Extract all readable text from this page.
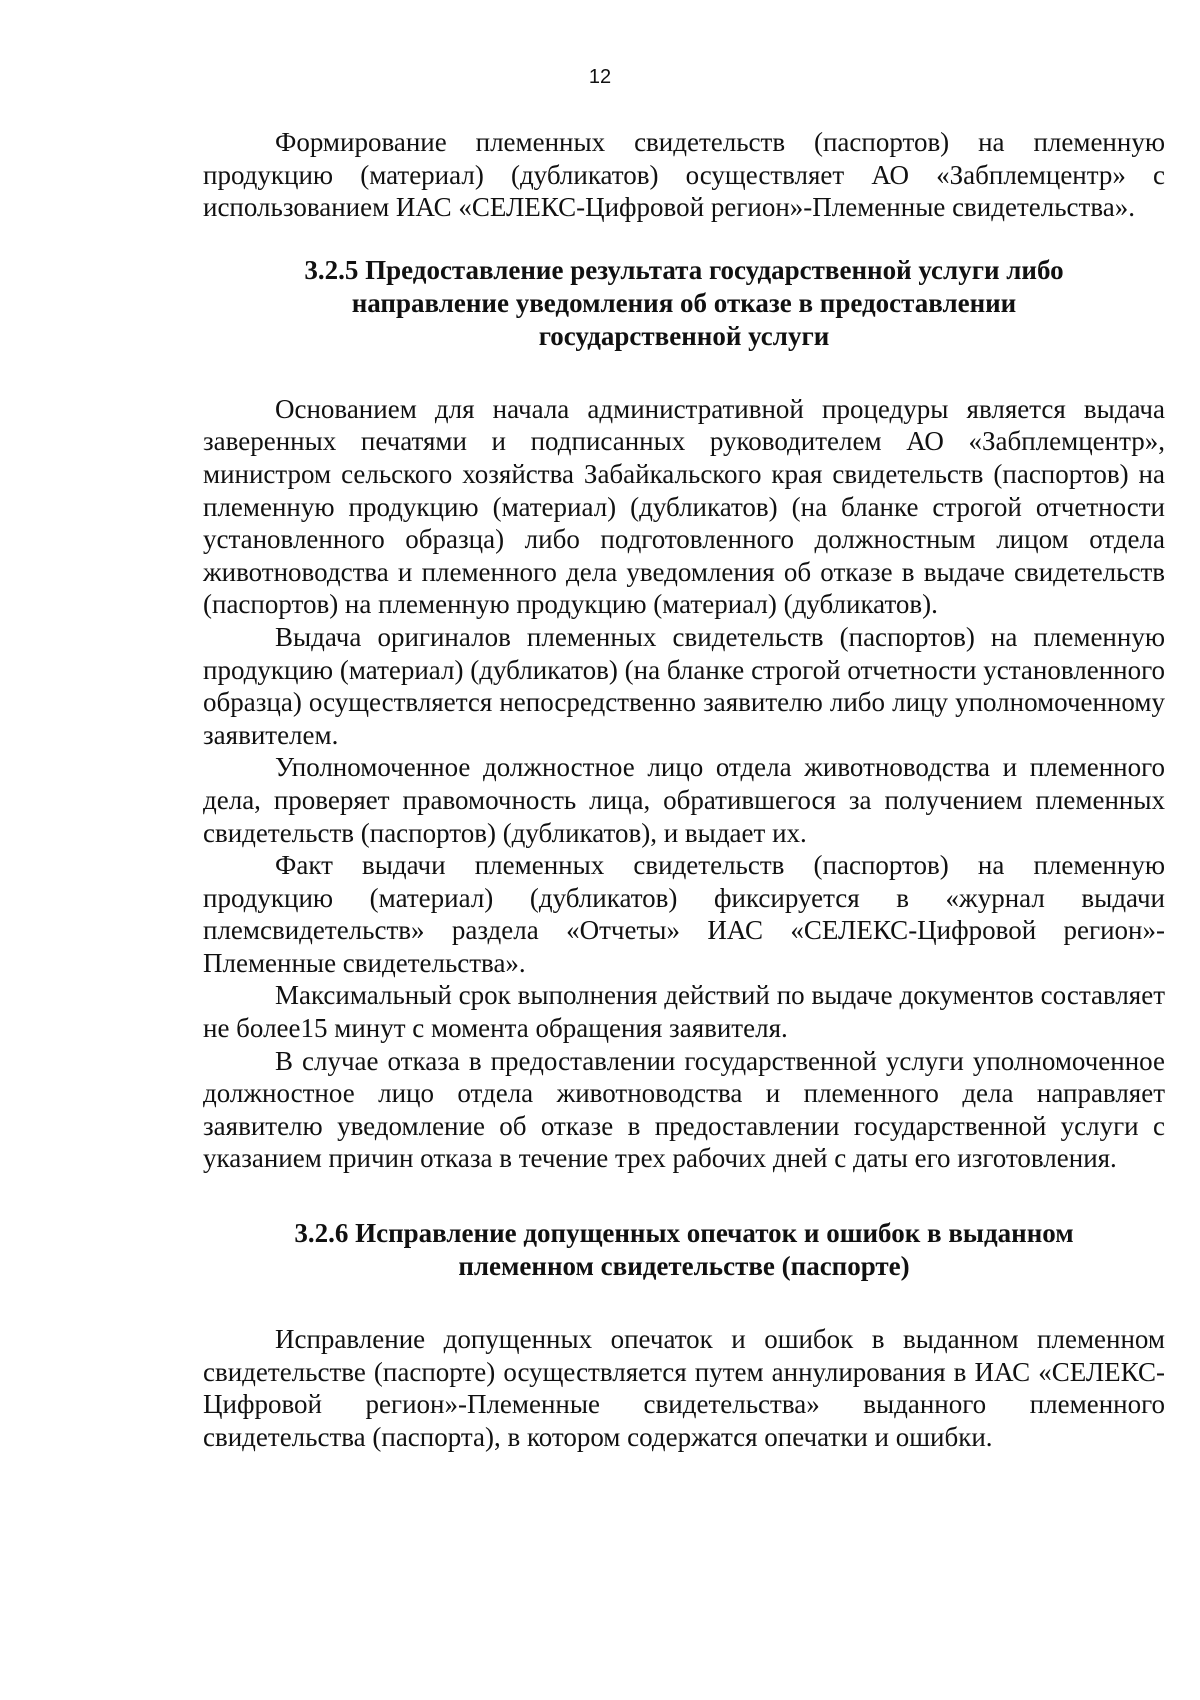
12

Формирование племенных свидетельств (паспортов) на племенную продукцию (материал) (дубликатов) осуществляет АО «Забплемцентр» с использованием ИАС «СЕЛЕКС-Цифровой регион»-Племенные свидетельства».

3.2.5 Предоставление результата государственной услуги либо направление уведомления об отказе в предоставлении государственной услуги

Основанием для начала административной процедуры является выдача заверенных печатями и подписанных руководителем АО «Забплемцентр», министром сельского хозяйства Забайкальского края свидетельств (паспортов) на племенную продукцию (материал) (дубликатов) (на бланке строгой отчетности установленного образца) либо подготовленного должностным лицом отдела животноводства и племенного дела уведомления об отказе в выдаче свидетельств (паспортов) на племенную продукцию (материал) (дубликатов).

Выдача оригиналов племенных свидетельств (паспортов) на племенную продукцию (материал) (дубликатов) (на бланке строгой отчетности установленного образца) осуществляется непосредственно заявителю либо лицу уполномоченному заявителем.

Уполномоченное должностное лицо отдела животноводства и племенного дела, проверяет правомочность лица, обратившегося за получением племенных свидетельств (паспортов) (дубликатов), и выдает их.

Факт выдачи племенных свидетельств (паспортов) на племенную продукцию (материал) (дубликатов) фиксируется в «журнал выдачи племсвидетельств» раздела «Отчеты» ИАС «СЕЛЕКС-Цифровой регион»-Племенные свидетельства».

Максимальный срок выполнения действий по выдаче документов составляет не более15 минут с момента обращения заявителя.

В случае отказа в предоставлении государственной услуги уполномоченное должностное лицо отдела животноводства и племенного дела направляет заявителю уведомление об отказе в предоставлении государственной услуги с указанием причин отказа в течение трех рабочих дней с даты его изготовления.

3.2.6 Исправление допущенных опечаток и ошибок в выданном племенном свидетельстве (паспорте)

Исправление допущенных опечаток и ошибок в выданном племенном свидетельстве (паспорте) осуществляется путем аннулирования в ИАС «СЕЛЕКС-Цифровой регион»-Племенные свидетельства» выданного племенного свидетельства (паспорта), в котором содержатся опечатки и ошибки.
